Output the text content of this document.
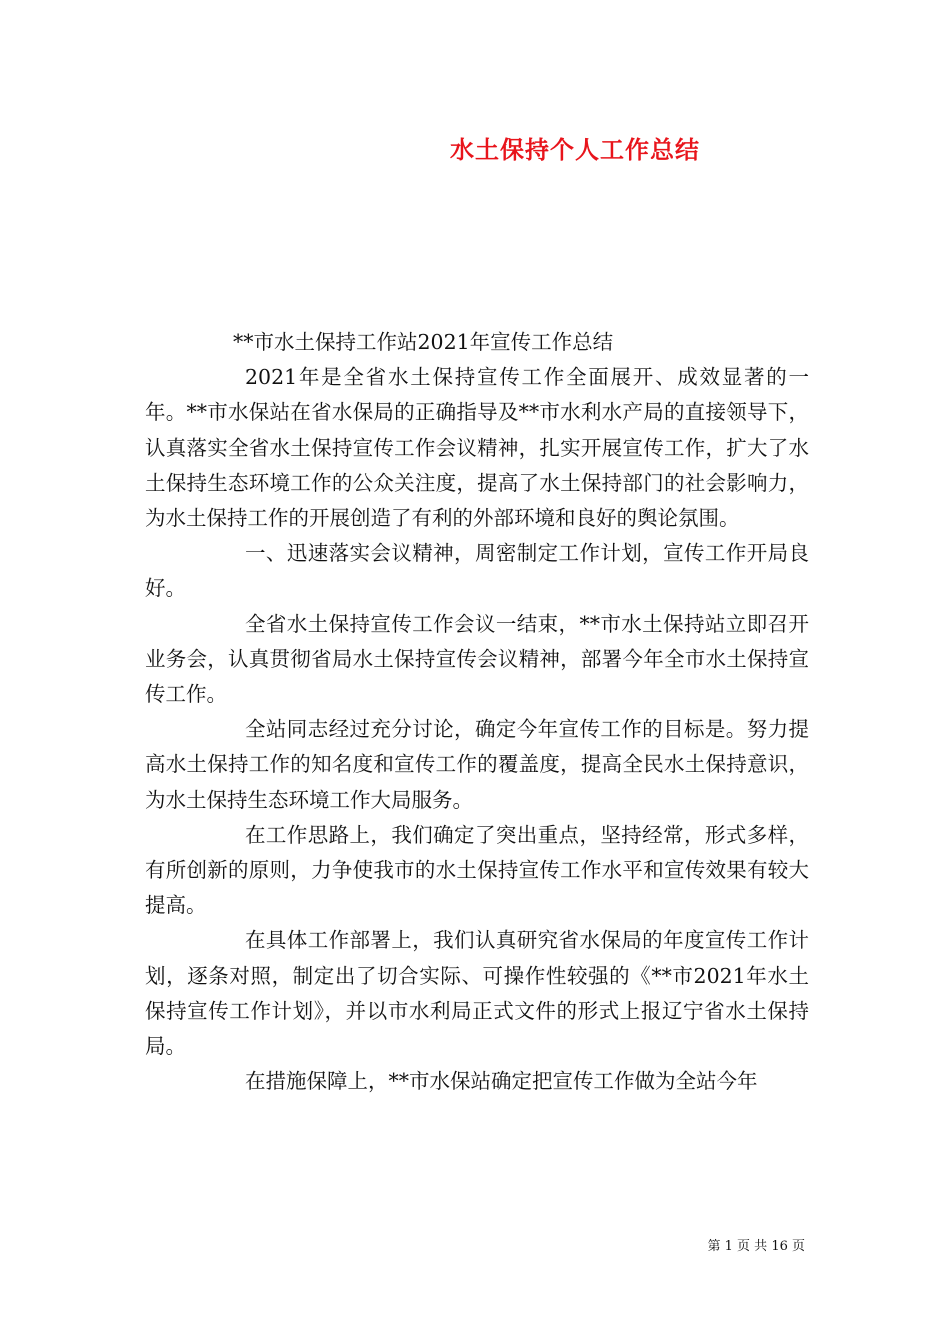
水土保持个人工作总结

**市水土保持工作站2021年宣传工作总结

2021年是全省水土保持宣传工作全面展开、成效显著的一年。**市水保站在省水保局的正确指导及**市水利水产局的直接领导下，认真落实全省水土保持宣传工作会议精神，扎实开展宣传工作，扩大了水土保持生态环境工作的公众关注度，提高了水土保持部门的社会影响力，为水土保持工作的开展创造了有利的外部环境和良好的舆论氛围。

一、迅速落实会议精神，周密制定工作计划，宣传工作开局良好。

全省水土保持宣传工作会议一结束，**市水土保持站立即召开业务会，认真贯彻省局水土保持宣传会议精神，部署今年全市水土保持宣传工作。

全站同志经过充分讨论，确定今年宣传工作的目标是。努力提高水土保持工作的知名度和宣传工作的覆盖度，提高全民水土保持意识，为水土保持生态环境工作大局服务。

在工作思路上，我们确定了突出重点，坚持经常，形式多样，有所创新的原则，力争使我市的水土保持宣传工作水平和宣传效果有较大提高。

在具体工作部署上，我们认真研究省水保局的年度宣传工作计划，逐条对照，制定出了切合实际、可操作性较强的《**市2021年水土保持宣传工作计划》，并以市水利局正式文件的形式上报辽宁省水土保持局。

在措施保障上，**市水保站确定把宣传工作做为全站今年

第 1 页 共 16 页
